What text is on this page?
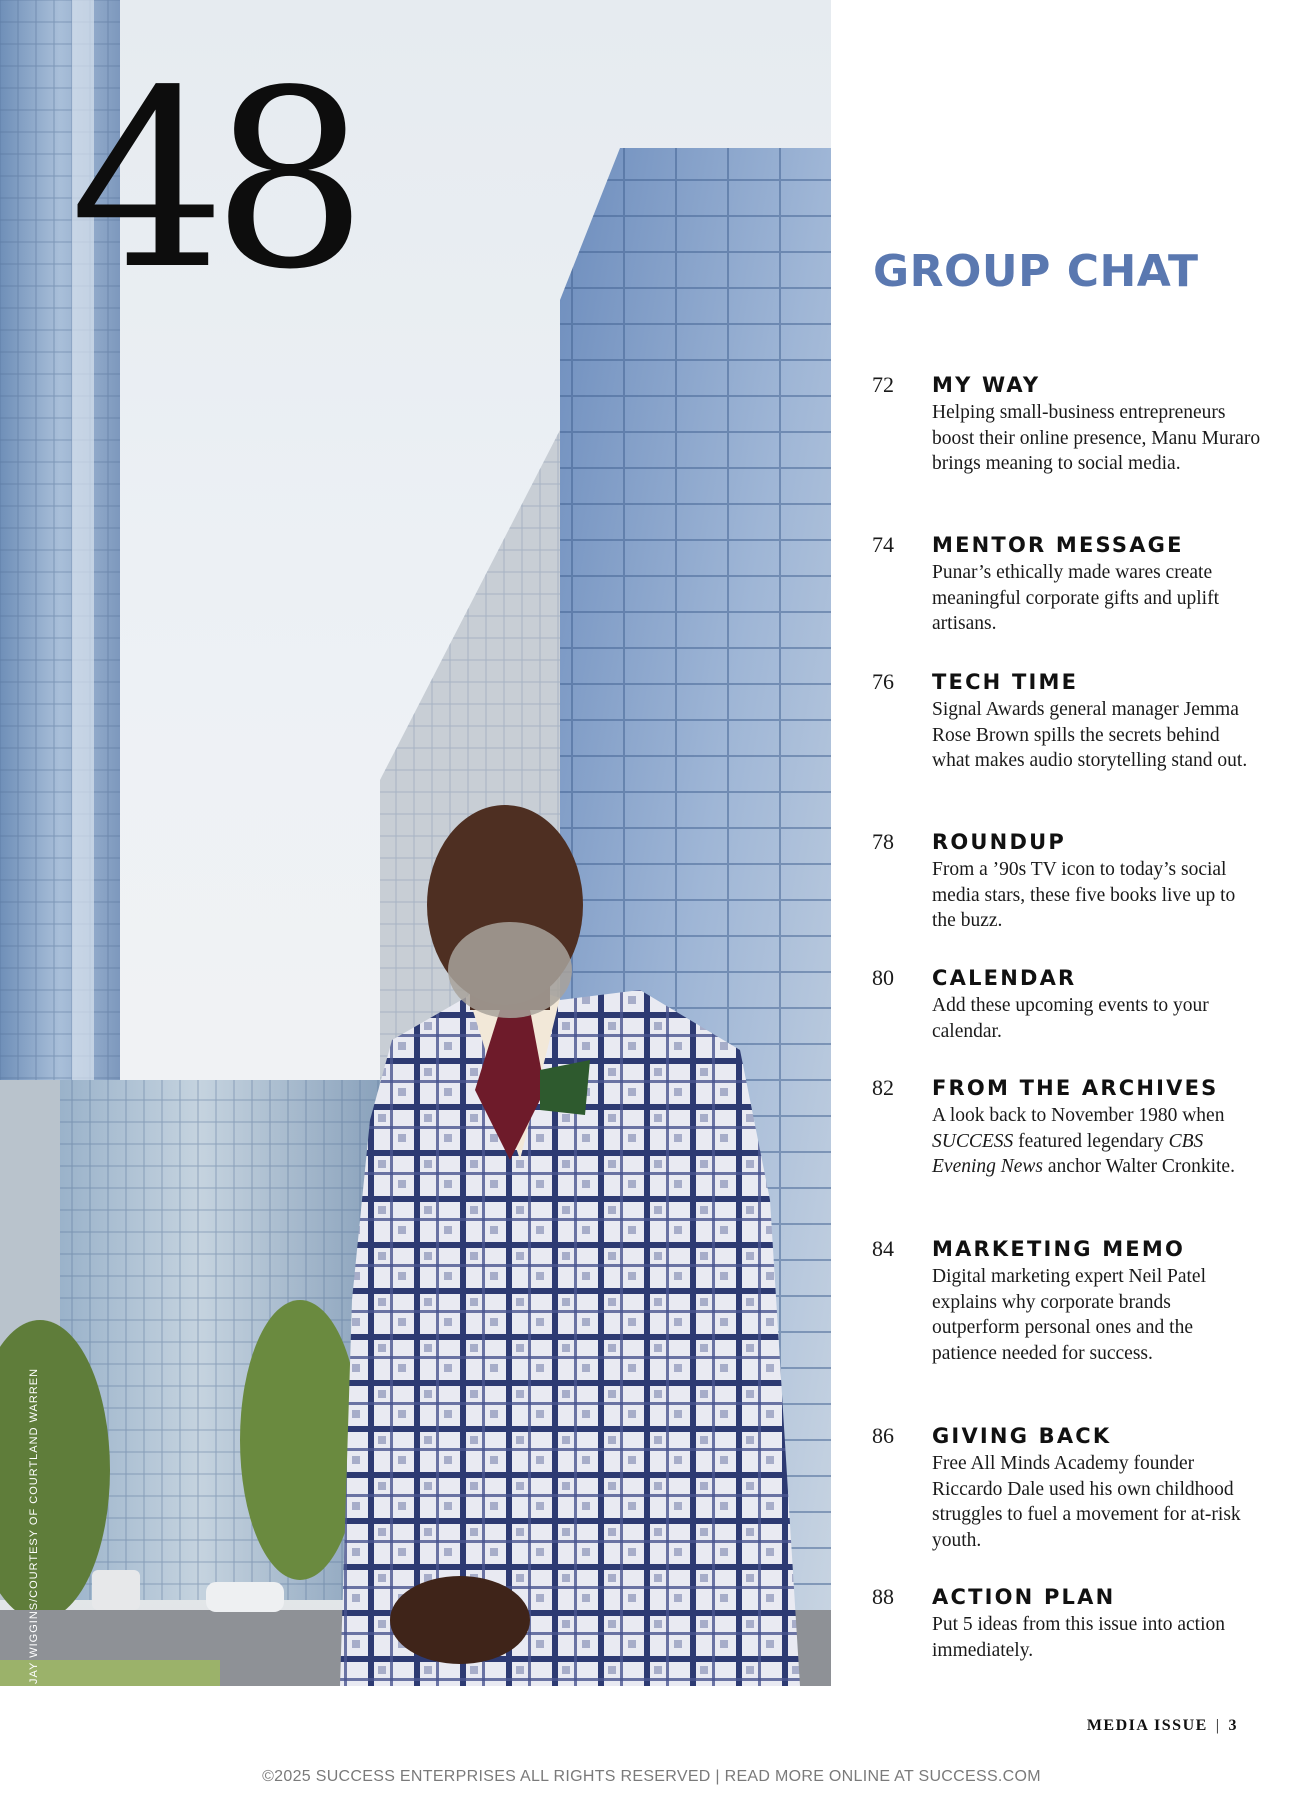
48
JAY WIGGINS/COURTESY OF COURTLAND WARREN
GROUP CHAT
72 MY WAY
Helping small-business entrepreneurs boost their online presence, Manu Muraro brings meaning to social media.
74 MENTOR MESSAGE
Punar’s ethically made wares create meaningful corporate gifts and uplift artisans.
76 TECH TIME
Signal Awards general manager Jemma Rose Brown spills the secrets behind what makes audio storytelling stand out.
78 ROUNDUP
From a ’90s TV icon to today’s social media stars, these five books live up to the buzz.
80 CALENDAR
Add these upcoming events to your calendar.
82 FROM THE ARCHIVES
A look back to November 1980 when SUCCESS featured legendary CBS Evening News anchor Walter Cronkite.
84 MARKETING MEMO
Digital marketing expert Neil Patel explains why corporate brands outperform personal ones and the patience needed for success.
86 GIVING BACK
Free All Minds Academy founder Riccardo Dale used his own childhood struggles to fuel a movement for at-risk youth.
88 ACTION PLAN
Put 5 ideas from this issue into action immediately.
MEDIA ISSUE | 3
©2025 SUCCESS ENTERPRISES ALL RIGHTS RESERVED | READ MORE ONLINE AT SUCCESS.COM
